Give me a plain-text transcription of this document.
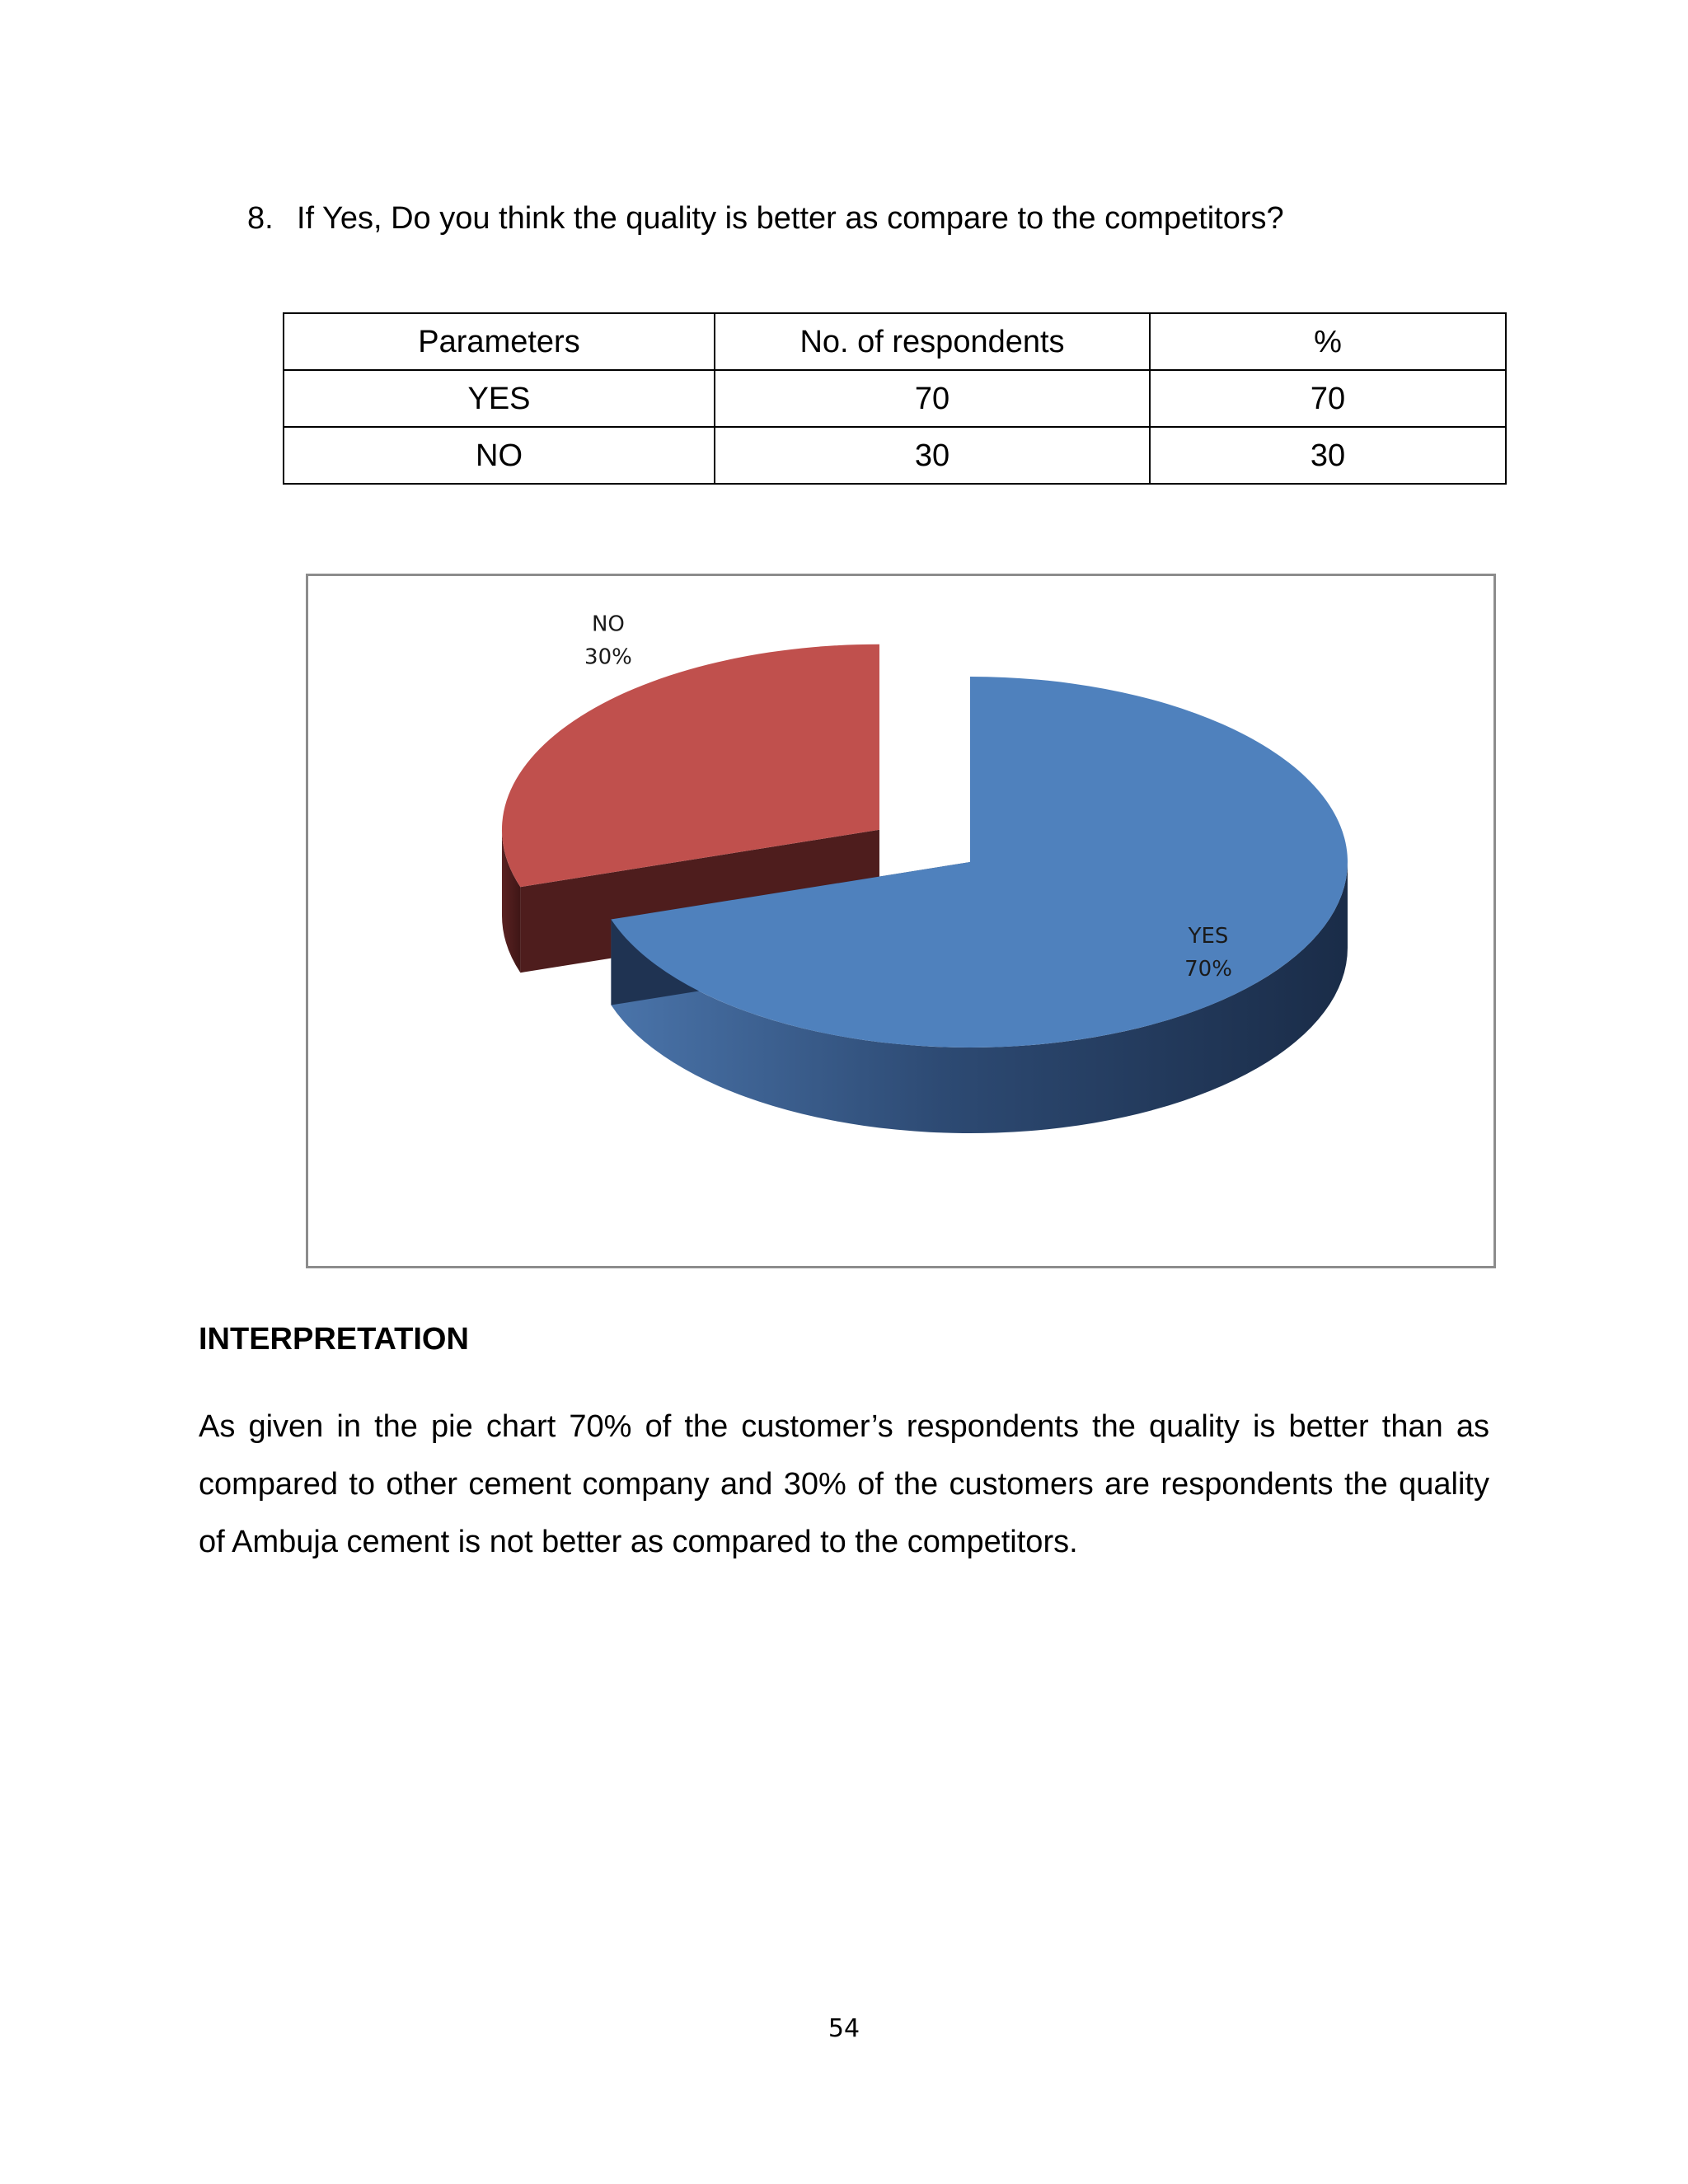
8. If Yes, Do you think the quality is better as compare to the competitors?
Parameters	No. of respondents	%
YES	70	70
NO	30	30
YES
70%
NO
30%
INTERPRETATION
As given in the pie chart 70% of the customer’s respondents the quality is better than as compared to other cement company and 30% of the customers are respondents the quality of Ambuja cement is not better as compared to the competitors.
54
